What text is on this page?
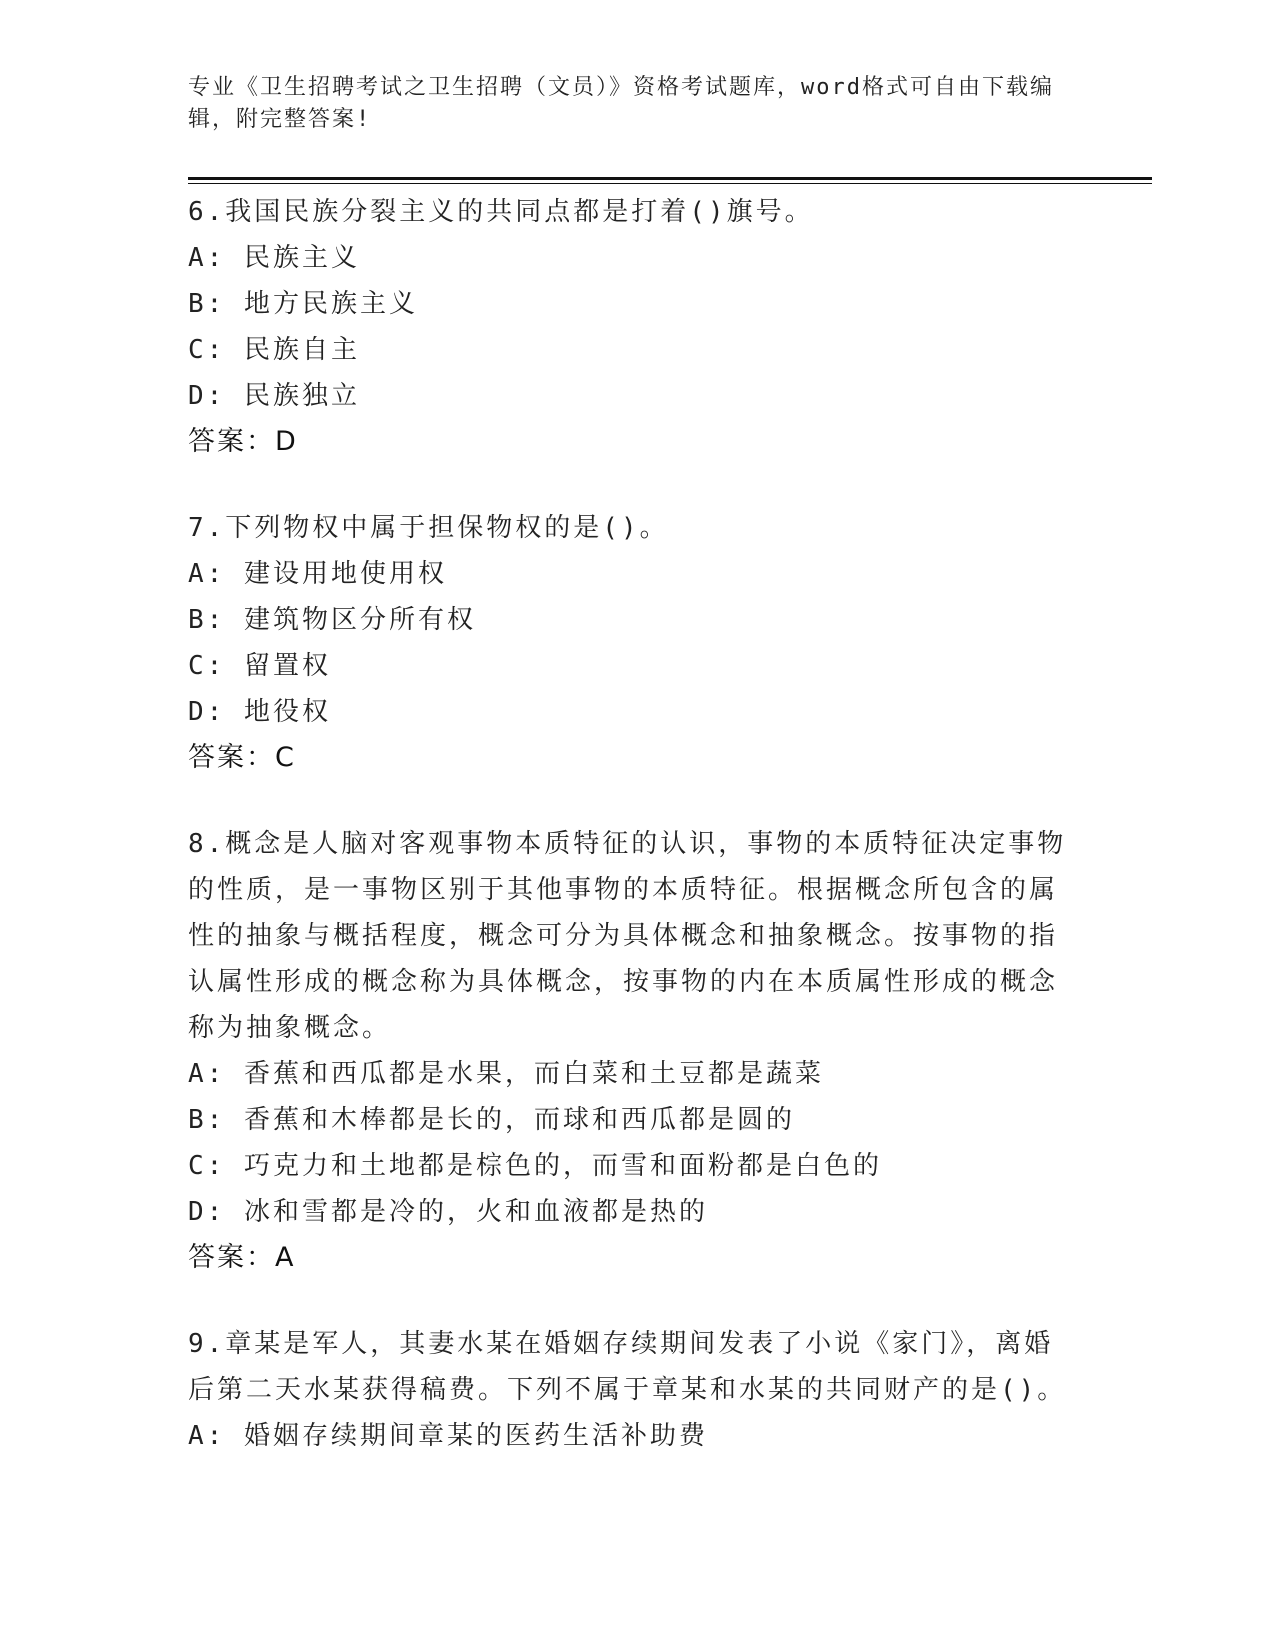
专业《卫生招聘考试之卫生招聘（文员）》资格考试题库，word格式可自由下载编辑，附完整答案!
6.我国民族分裂主义的共同点都是打着()旗号。
A: 民族主义
B: 地方民族主义
C: 民族自主
D: 民族独立
答案：D
7.下列物权中属于担保物权的是()。
A: 建设用地使用权
B: 建筑物区分所有权
C: 留置权
D: 地役权
答案：C
8.概念是人脑对客观事物本质特征的认识，事物的本质特征决定事物的性质，是一事物区别于其他事物的本质特征。根据概念所包含的属性的抽象与概括程度，概念可分为具体概念和抽象概念。按事物的指认属性形成的概念称为具体概念，按事物的内在本质属性形成的概念称为抽象概念。
A: 香蕉和西瓜都是水果，而白菜和土豆都是蔬菜
B: 香蕉和木棒都是长的，而球和西瓜都是圆的
C: 巧克力和土地都是棕色的，而雪和面粉都是白色的
D: 冰和雪都是冷的，火和血液都是热的
答案：A
9.章某是军人，其妻水某在婚姻存续期间发表了小说《家门》，离婚后第二天水某获得稿费。下列不属于章某和水某的共同财产的是()。
A: 婚姻存续期间章某的医药生活补助费
